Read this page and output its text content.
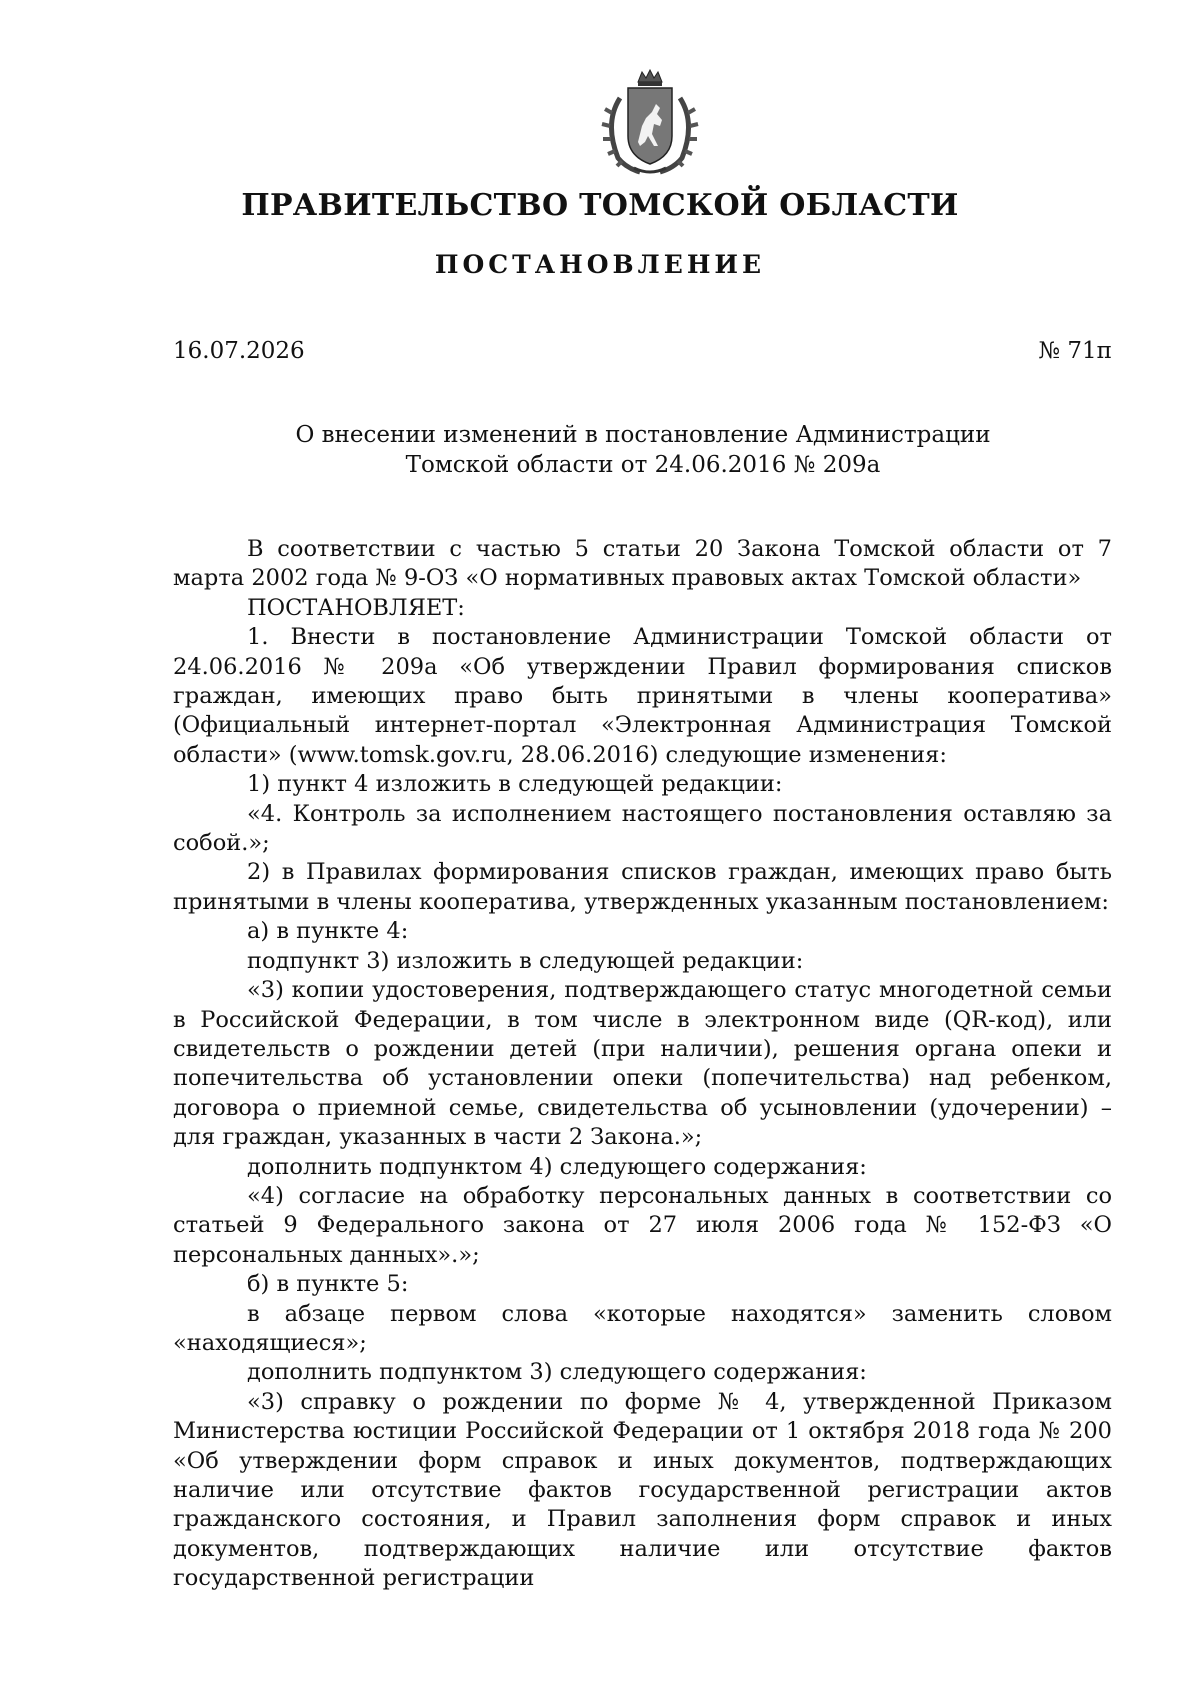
ПРАВИТЕЛЬСТВО ТОМСКОЙ ОБЛАСТИ
ПОСТАНОВЛЕНИЕ
16.07.2026	№ 71п
О внесении изменений в постановление Администрации
Томской области от 24.06.2016 № 209а

В соответствии с частью 5 статьи 20 Закона Томской области от 7 марта 2002 года № 9-ОЗ «О нормативных правовых актах Томской области»

ПОСТАНОВЛЯЕТ:

1. Внести в постановление Администрации Томской области от 24.06.2016 № 209а «Об утверждении Правил формирования списков граждан, имеющих право быть принятыми в члены кооператива» (Официальный интернет-портал «Электронная Администрация Томской области» (www.tomsk.gov.ru, 28.06.2016) следующие изменения:

1) пункт 4 изложить в следующей редакции:

«4. Контроль за исполнением настоящего постановления оставляю за собой.»;

2) в Правилах формирования списков граждан, имеющих право быть принятыми в члены кооператива, утвержденных указанным постановлением:

а) в пункте 4:

подпункт 3) изложить в следующей редакции:

«3) копии удостоверения, подтверждающего статус многодетной семьи в Российской Федерации, в том числе в электронном виде (QR-код), или свидетельств о рождении детей (при наличии), решения органа опеки и попечительства об установлении опеки (попечительства) над ребенком, договора о приемной семье, свидетельства об усыновлении (удочерении) – для граждан, указанных в части 2 Закона.»;

дополнить подпунктом 4) следующего содержания:

«4) согласие на обработку персональных данных в соответствии со статьей 9 Федерального закона от 27 июля 2006 года № 152-ФЗ «О персональных данных».»;

б) в пункте 5:

в абзаце первом слова «которые находятся» заменить словом «находящиеся»;

дополнить подпунктом 3) следующего содержания:

«3) справку о рождении по форме № 4, утвержденной Приказом Министерства юстиции Российской Федерации от 1 октября 2018 года № 200 «Об утверждении форм справок и иных документов, подтверждающих наличие или отсутствие фактов государственной регистрации актов гражданского состояния, и Правил заполнения форм справок и иных документов, подтверждающих наличие или отсутствие фактов государственной регистрации
